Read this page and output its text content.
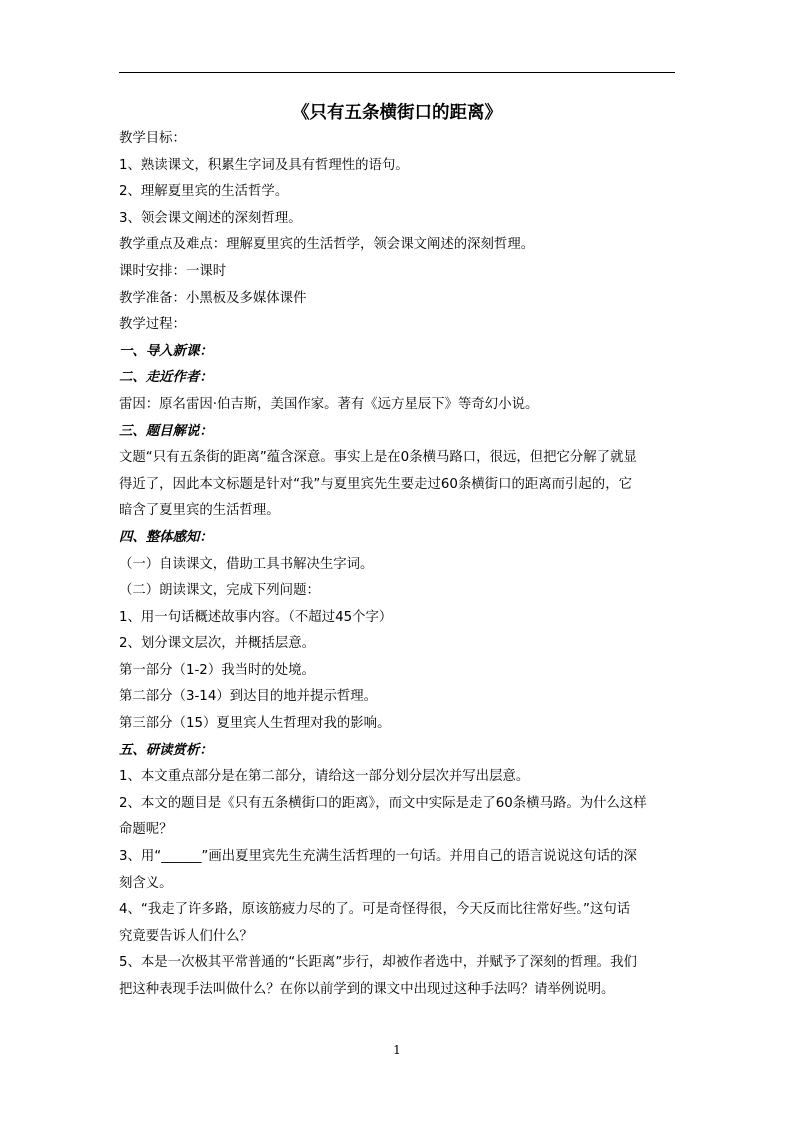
《只有五条横街口的距离》

教学目标：

1、熟读课文，积累生字词及具有哲理性的语句。

2、理解夏里宾的生活哲学。

3、领会课文阐述的深刻哲理。

教学重点及难点：理解夏里宾的生活哲学，领会课文阐述的深刻哲理。

课时安排：一课时

教学准备：小黑板及多媒体课件

教学过程：

一、导入新课：

二、走近作者：

雷因：原名雷因·伯吉斯，美国作家。著有《远方星辰下》等奇幻小说。

三、题目解说：

文题“只有五条街的距离”蕴含深意。事实上是在0条横马路口，很远，但把它分解了就显

得近了，因此本文标题是针对“我”与夏里宾先生要走过60条横街口的距离而引起的，它

暗含了夏里宾的生活哲理。

四、整体感知：

（一）自读课文，借助工具书解决生字词。

（二）朗读课文，完成下列问题：

1、用一句话概述故事内容。（不超过45个字）

2、划分课文层次，并概括层意。

第一部分（1-2）我当时的处境。

第二部分（3-14）到达目的地并提示哲理。

第三部分（15）夏里宾人生哲理对我的影响。

五、研读赏析：

1、本文重点部分是在第二部分，请给这一部分划分层次并写出层意。

2、本文的题目是《只有五条横街口的距离》，而文中实际是走了60条横马路。为什么这样

命题呢？

3、用“______”画出夏里宾先生充满生活哲理的一句话。并用自己的语言说说这句话的深

刻含义。

4、“我走了许多路，原该筋疲力尽的了。可是奇怪得很，今天反而比往常好些。”这句话

究竟要告诉人们什么？

5、本是一次极其平常普通的“长距离”步行，却被作者选中，并赋予了深刻的哲理。我们

把这种表现手法叫做什么？在你以前学到的课文中出现过这种手法吗？请举例说明。

1
